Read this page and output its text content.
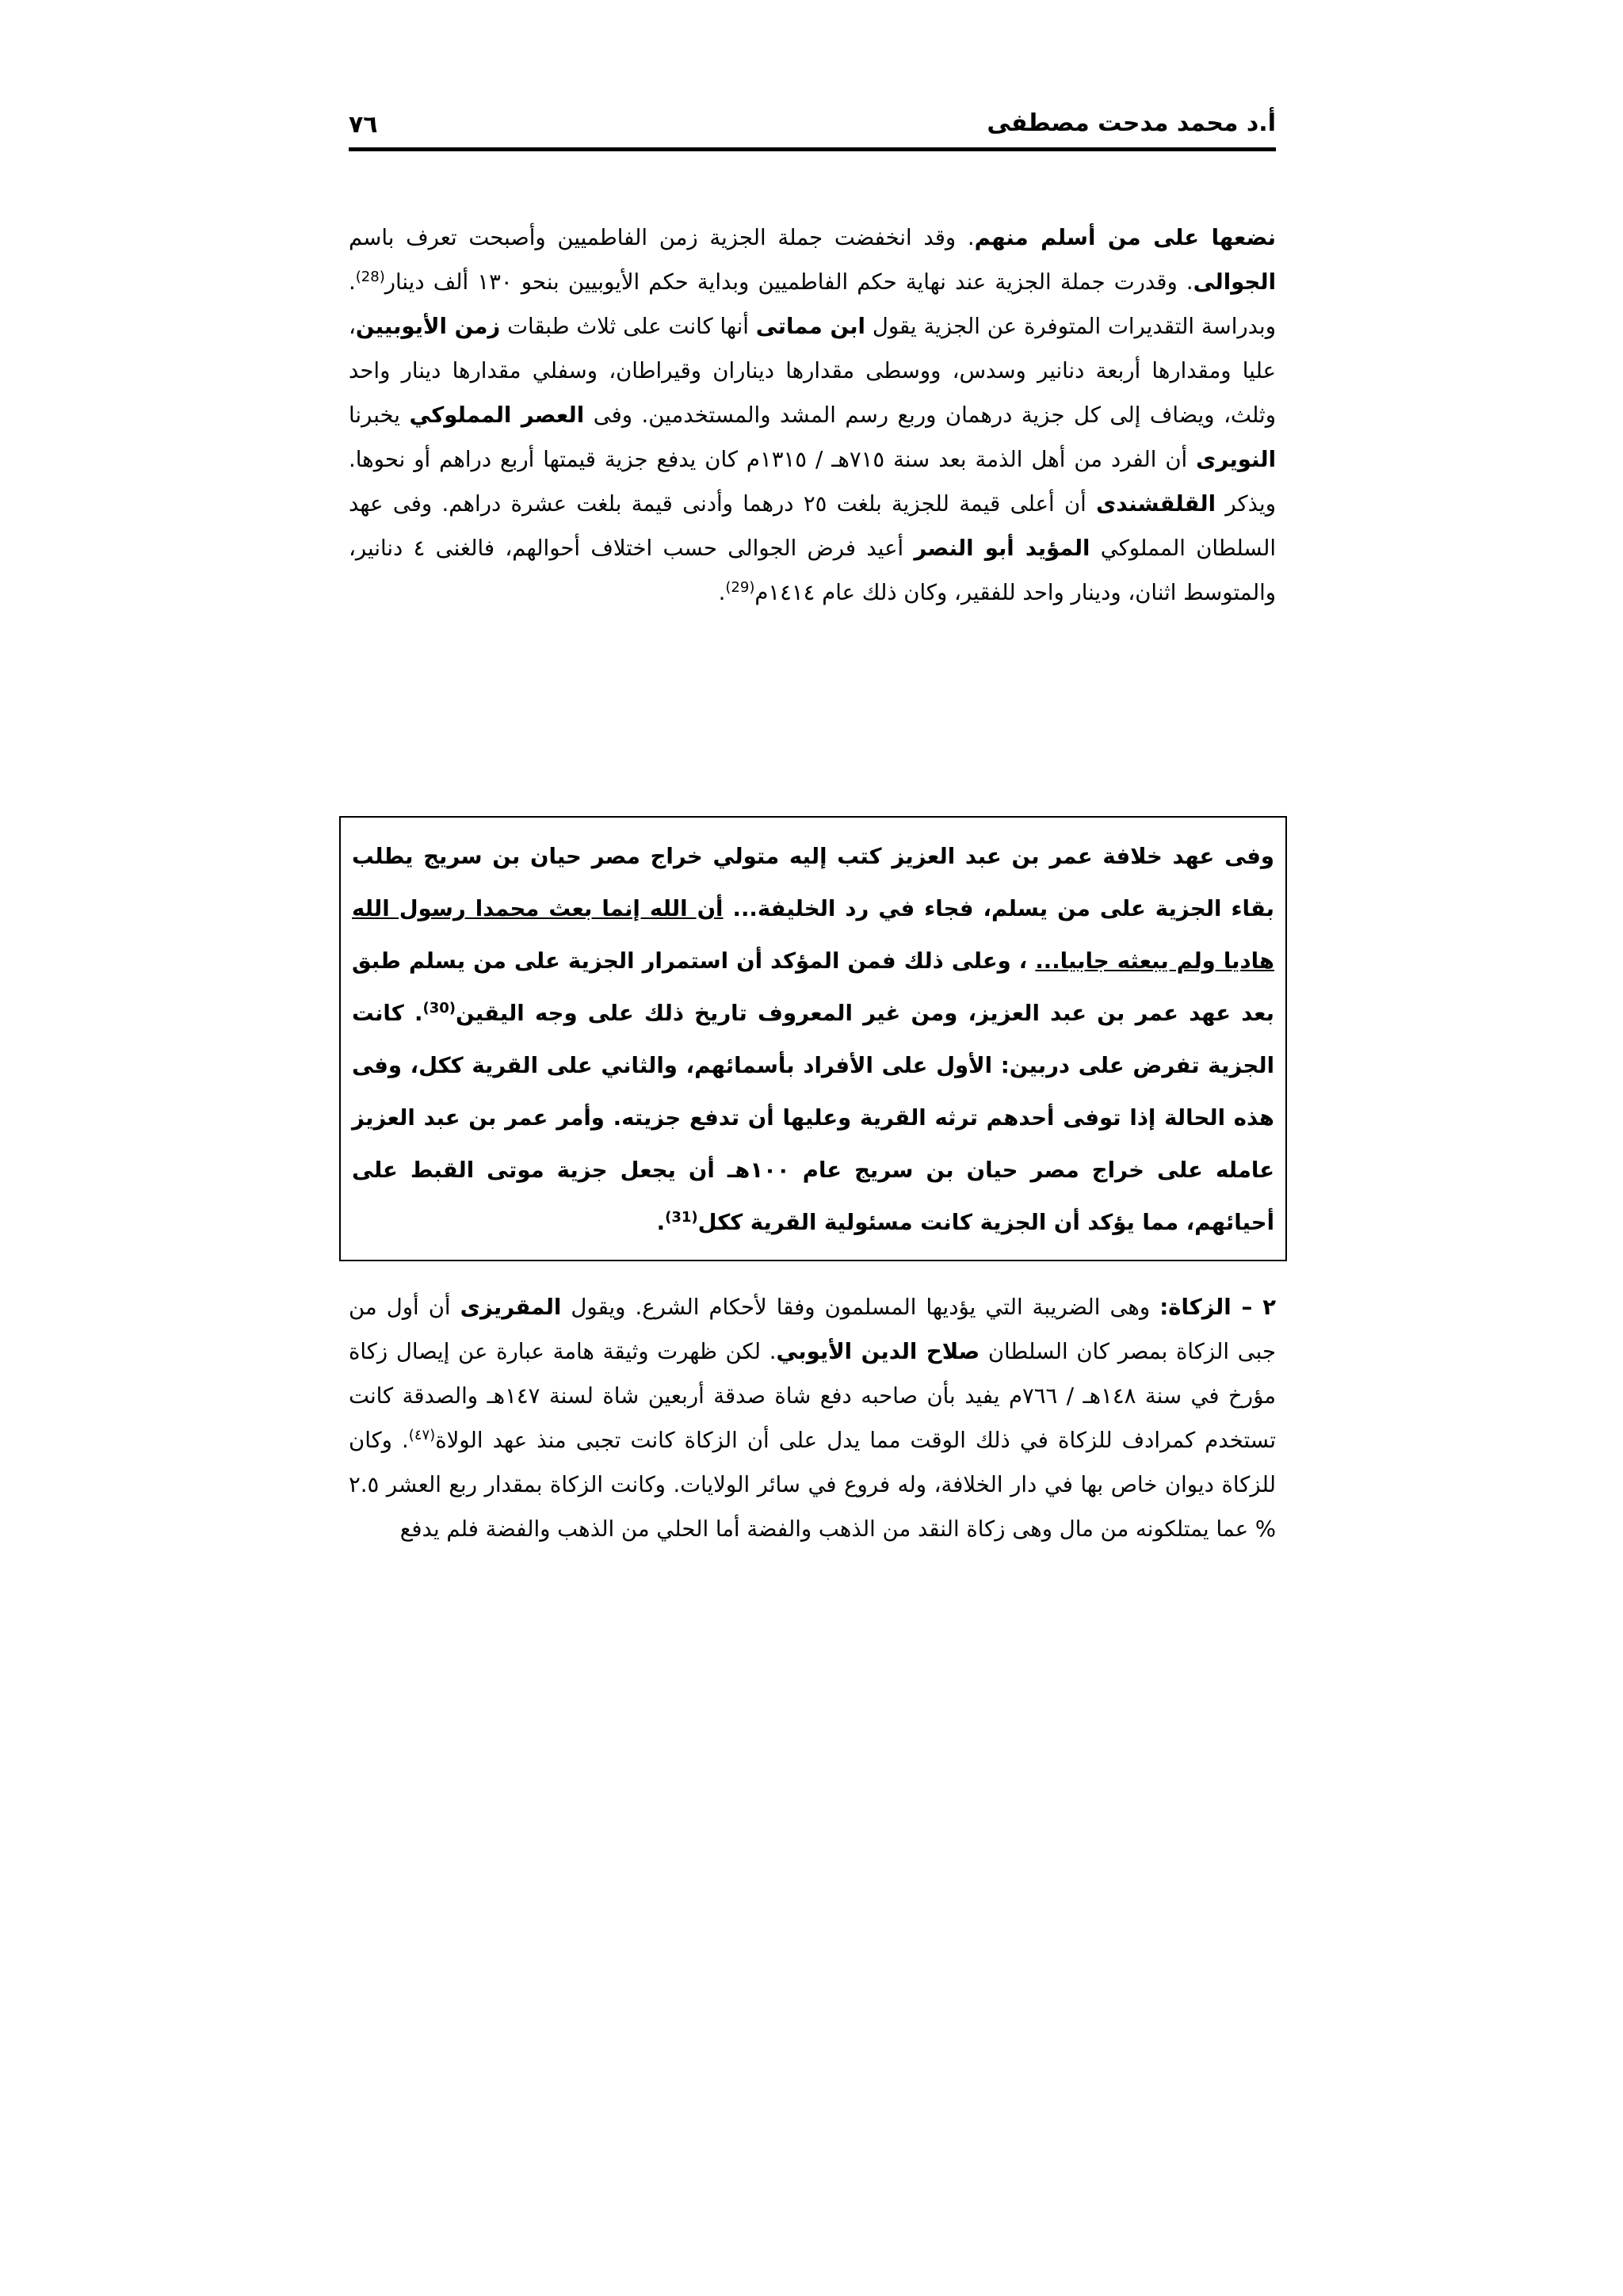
٧٦	أ.د محمد مدحت مصطفى

نضعها على من أسلم منهم. وقد انخفضت جملة الجزية زمن الفاطميين وأصبحت تعرف باسم الجوالى. وقدرت جملة الجزية عند نهاية حكم الفاطميين وبداية حكم الأيوبيين بنحو ١٣٠ ألف دينار$^{(28)}$. وبدراسة التقديرات المتوفرة عن الجزية يقول ابن مماتى أنها كانت على ثلاث طبقات زمن الأيوبيين، عليا ومقدارها أربعة دنانير وسدس، ووسطى مقدارها ديناران وقيراطان، وسفلي مقدارها دينار واحد وثلث، ويضاف إلى كل جزية درهمان وربع رسم المشد والمستخدمين. وفى العصر المملوكي يخبرنا النويرى أن الفرد من أهل الذمة بعد سنة ٧١٥هـ / ١٣١٥م كان يدفع جزية قيمتها أربع دراهم أو نحوها. ويذكر القلقشندى أن أعلى قيمة للجزية بلغت ٢٥ درهما وأدنى قيمة بلغت عشرة دراهم. وفى عهد السلطان المملوكي المؤيد أبو النصر أعيد فرض الجوالى حسب اختلاف أحوالهم، فالغنى ٤ دنانير، والمتوسط اثنان، ودينار واحد للفقير، وكان ذلك عام ١٤١٤م$^{(29)}$.

وفى عهد خلافة عمر بن عبد العزيز كتب إليه متولي خراج مصر حيان بن سريج يطلب بقاء الجزية على من يسلم، فجاء في رد الخليفة... أن الله إنما بعث محمدا رسول الله هاديا ولم يبعثه جابيا... ، وعلى ذلك فمن المؤكد أن استمرار الجزية على من يسلم طبق بعد عهد عمر بن عبد العزيز، ومن غير المعروف تاريخ ذلك على وجه اليقين$^{(30)}$. كانت الجزية تفرض على دربين: الأول على الأفراد بأسمائهم، والثاني على القرية ككل، وفى هذه الحالة إذا توفى أحدهم ترثه القرية وعليها أن تدفع جزيته. وأمر عمر بن عبد العزيز عامله على خراج مصر حيان بن سريج عام ١٠٠هـ أن يجعل جزية موتى القبط على أحيائهم، مما يؤكد أن الجزية كانت مسئولية القرية ككل$^{(31)}$.

٢ – الزكاة: وهى الضريبة التي يؤديها المسلمون وفقا لأحكام الشرع. ويقول المقريزى أن أول من جبى الزكاة بمصر كان السلطان صلاح الدين الأيوبي. لكن ظهرت وثيقة هامة عبارة عن إيصال زكاة مؤرخ في سنة ١٤٨هـ / ٧٦٦م يفيد بأن صاحبه دفع شاة صدقة أربعين شاة لسنة ١٤٧هـ والصدقة كانت تستخدم كمرادف للزكاة في ذلك الوقت مما يدل على أن الزكاة كانت تجبى منذ عهد الولاة$^{(٤٧)}$. وكان للزكاة ديوان خاص بها في دار الخلافة، وله فروع في سائر الولايات. وكانت الزكاة بمقدار ربع العشر ٢.٥ % عما يمتلكونه من مال وهى زكاة النقد من الذهب والفضة أما الحلي من الذهب والفضة فلم يدفع
